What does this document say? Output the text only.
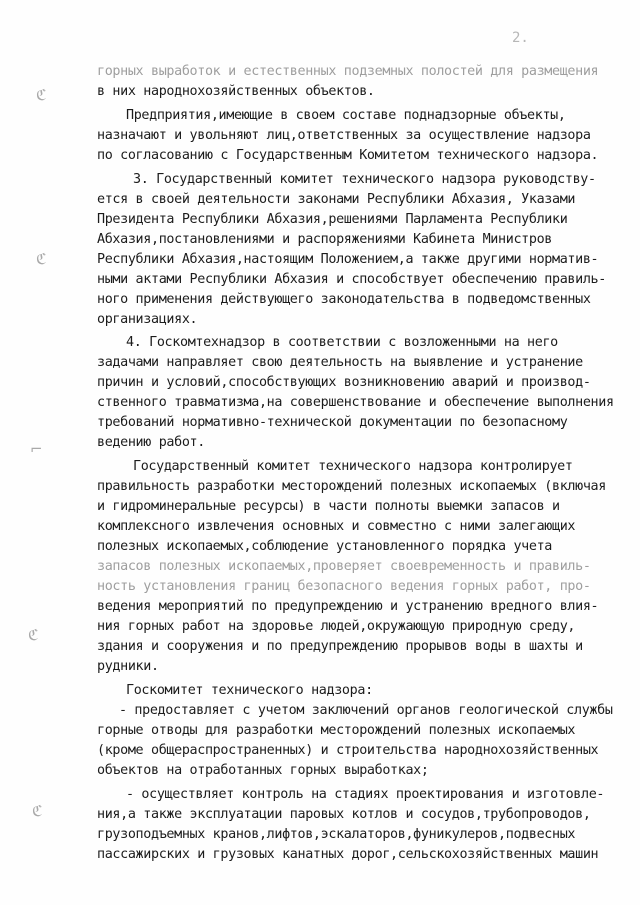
2.
ℭ
ℭ
⌐
ℭ
ℭ
горных выработок и естественных подземных полостей для размещения
в них народнохозяйственных объектов.
Предприятия,имеющие в своем составе поднадзорные объекты,
назначают и увольняют лиц,ответственных за осуществление надзора
по согласованию с Государственным Комитетом технического надзора.
3. Государственный комитет технического надзора руководству-
ется в своей деятельности законами Республики Абхазия, Указами
Президента Республики Абхазия,решениями Парламента Республики
Абхазия,постановлениями и распоряжениями Кабинета Министров
Республики Абхазия,настоящим Положением,а также другими норматив-
ными актами Республики Абхазия и способствует обеспечению правиль-
ного применения действующего законодательства в подведомственных
организациях.
4. Госкомтехнадзор в соответствии с возложенными на него
задачами направляет свою деятельность на выявление и устранение
причин и условий,способствующих возникновению аварий и производ-
ственного травматизма,на совершенствование и обеспечение выполнения
требований нормативно-технической документации по безопасному
ведению работ.
Государственный комитет технического надзора контролирует
правильность разработки месторождений полезных ископаемых (включая
и гидроминеральные ресурсы) в части полноты выемки запасов и
комплексного извлечения основных и совместно с ними залегающих
полезных ископаемых,соблюдение установленного порядка учета
запасов полезных ископаемых,проверяет своевременность и правиль-
ность установления границ безопасного ведения горных работ, про-
ведения мероприятий по предупреждению и устранению вредного влия-
ния горных работ на здоровье людей,окружающую природную среду,
здания и сооружения и по предупреждению прорывов воды в шахты и
рудники.
Госкомитет технического надзора:
- предоставляет с учетом заключений органов геологической службы
горные отводы для разработки месторождений полезных ископаемых
(кроме общераспространенных) и строительства народнохозяйственных
объектов на отработанных горных выработках;
- осуществляет контроль на стадиях проектирования и изготовле-
ния,а также эксплуатации паровых котлов и сосудов,трубопроводов,
грузоподъемных кранов,лифтов,эскалаторов,фуникулеров,подвесных
пассажирских и грузовых канатных дорог,сельскохозяйственных машин
